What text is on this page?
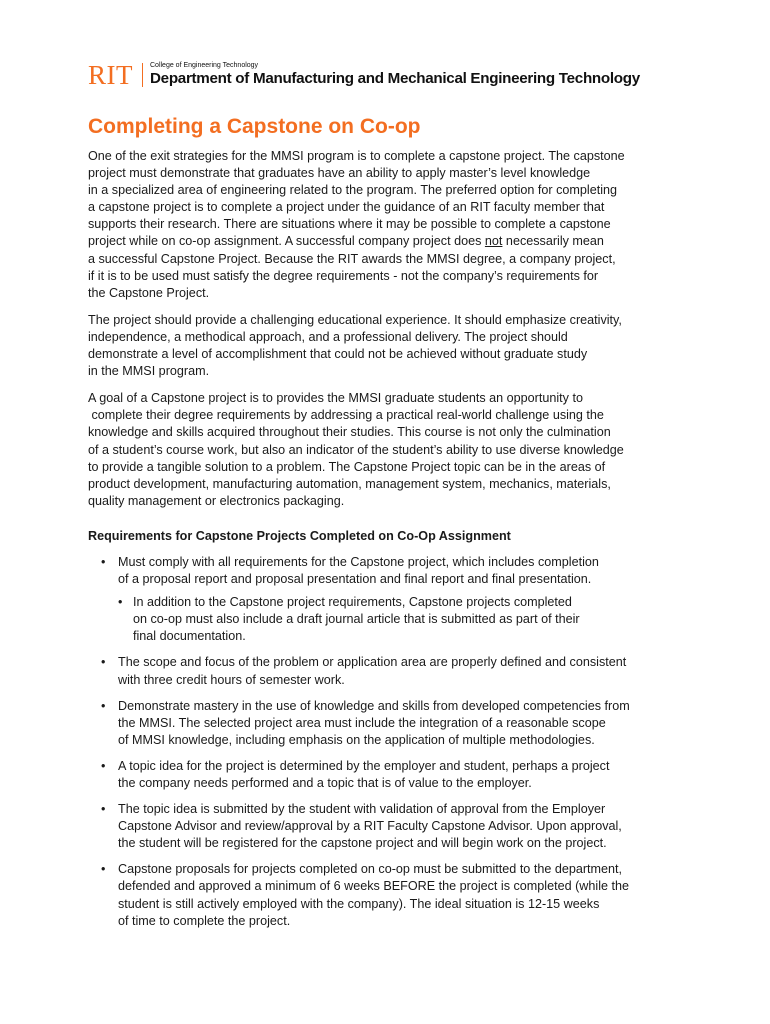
RIT College of Engineering Technology
Department of Manufacturing and Mechanical Engineering Technology
Completing a Capstone on Co-op

One of the exit strategies for the MMSI program is to complete a capstone project. The capstone
project must demonstrate that graduates have an ability to apply master’s level knowledge
in a specialized area of engineering related to the program. The preferred option for completing
a capstone project is to complete a project under the guidance of an RIT faculty member that
supports their research. There are situations where it may be possible to complete a capstone
project while on co-op assignment. A successful company project does not necessarily mean
a successful Capstone Project. Because the RIT awards the MMSI degree, a company project,
if it is to be used must satisfy the degree requirements - not the company’s requirements for
the Capstone Project.

The project should provide a challenging educational experience. It should emphasize creativity,
independence, a methodical approach, and a professional delivery. The project should
demonstrate a level of accomplishment that could not be achieved without graduate study
in the MMSI program.

A goal of a Capstone project is to provides the MMSI graduate students an opportunity to
complete their degree requirements by addressing a practical real-world challenge using the
knowledge and skills acquired throughout their studies. This course is not only the culmination
of a student’s course work, but also an indicator of the student’s ability to use diverse knowledge
to provide a tangible solution to a problem. The Capstone Project topic can be in the areas of
product development, manufacturing automation, management system, mechanics, materials,
quality management or electronics packaging.

Requirements for Capstone Projects Completed on Co-Op Assignment
• Must comply with all requirements for the Capstone project, which includes completion
of a proposal report and proposal presentation and final report and final presentation.
• In addition to the Capstone project requirements, Capstone projects completed
on co-op must also include a draft journal article that is submitted as part of their
final documentation.
• The scope and focus of the problem or application area are properly defined and consistent
with three credit hours of semester work.
• Demonstrate mastery in the use of knowledge and skills from developed competencies from
the MMSI. The selected project area must include the integration of a reasonable scope
of MMSI knowledge, including emphasis on the application of multiple methodologies.
• A topic idea for the project is determined by the employer and student, perhaps a project
the company needs performed and a topic that is of value to the employer.
• The topic idea is submitted by the student with validation of approval from the Employer
Capstone Advisor and review/approval by a RIT Faculty Capstone Advisor. Upon approval,
the student will be registered for the capstone project and will begin work on the project.
• Capstone proposals for projects completed on co-op must be submitted to the department,
defended and approved a minimum of 6 weeks BEFORE the project is completed (while the
student is still actively employed with the company). The ideal situation is 12-15 weeks
of time to complete the project.
